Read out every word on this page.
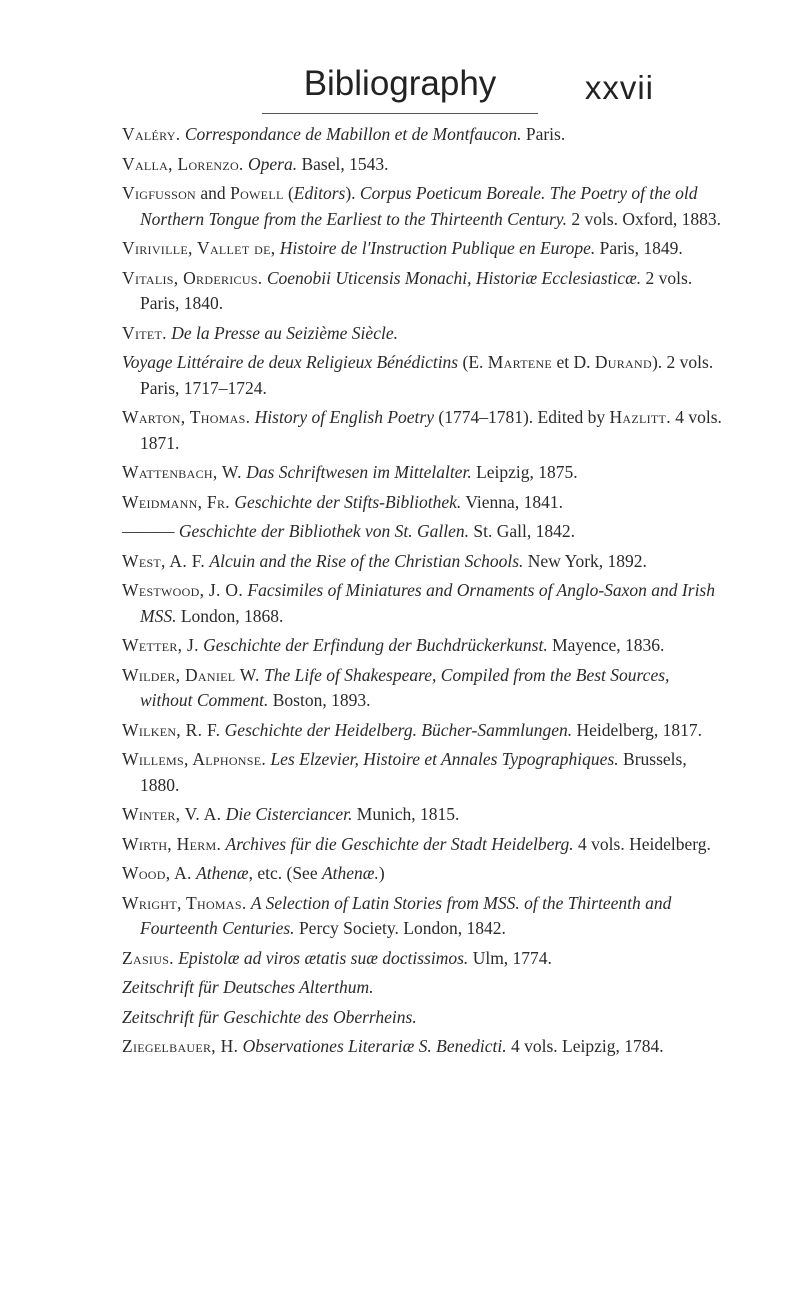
Bibliography	xxvii
Valéry. Correspondance de Mabillon et de Montfaucon. Paris.
Valla, Lorenzo. Opera. Basel, 1543.
Vigfusson and Powell (Editors). Corpus Poeticum Boreale. The Poetry of the old Northern Tongue from the Earliest to the Thirteenth Century. 2 vols. Oxford, 1883.
Viriville, Vallet de, Histoire de l'Instruction Publique en Europe. Paris, 1849.
Vitalis, Ordericus. Coenobii Uticensis Monachi, Historiæ Ecclesiasticæ. 2 vols. Paris, 1840.
Vitet. De la Presse au Seizième Siècle.
Voyage Littéraire de deux Religieux Bénédictins (E. Martene et D. Durand). 2 vols. Paris, 1717–1724.
Warton, Thomas. History of English Poetry (1774–1781). Edited by Hazlitt. 4 vols. 1871.
Wattenbach, W. Das Schriftwesen im Mittelalter. Leipzig, 1875.
Weidmann, Fr. Geschichte der Stifts-Bibliothek. Vienna, 1841.
——— Geschichte der Bibliothek von St. Gallen. St. Gall, 1842.
West, A. F. Alcuin and the Rise of the Christian Schools. New York, 1892.
Westwood, J. O. Facsimiles of Miniatures and Ornaments of Anglo-Saxon and Irish MSS. London, 1868.
Wetter, J. Geschichte der Erfindung der Buchdrückerkunst. Mayence, 1836.
Wilder, Daniel W. The Life of Shakespeare, Compiled from the Best Sources, without Comment. Boston, 1893.
Wilken, R. F. Geschichte der Heidelberg. Bücher-Sammlungen. Heidelberg, 1817.
Willems, Alphonse. Les Elzevier, Histoire et Annales Typographiques. Brussels, 1880.
Winter, V. A. Die Cisterciancer. Munich, 1815.
Wirth, Herm. Archives für die Geschichte der Stadt Heidelberg. 4 vols. Heidelberg.
Wood, A. Athenæ, etc. (See Athenæ.)
Wright, Thomas. A Selection of Latin Stories from MSS. of the Thirteenth and Fourteenth Centuries. Percy Society. London, 1842.
Zasius. Epistolæ ad viros ætatis suæ doctissimos. Ulm, 1774.
Zeitschrift für Deutsches Alterthum.
Zeitschrift für Geschichte des Oberrheins.
Ziegelbauer, H. Observationes Literariæ S. Benedicti. 4 vols. Leipzig, 1784.
